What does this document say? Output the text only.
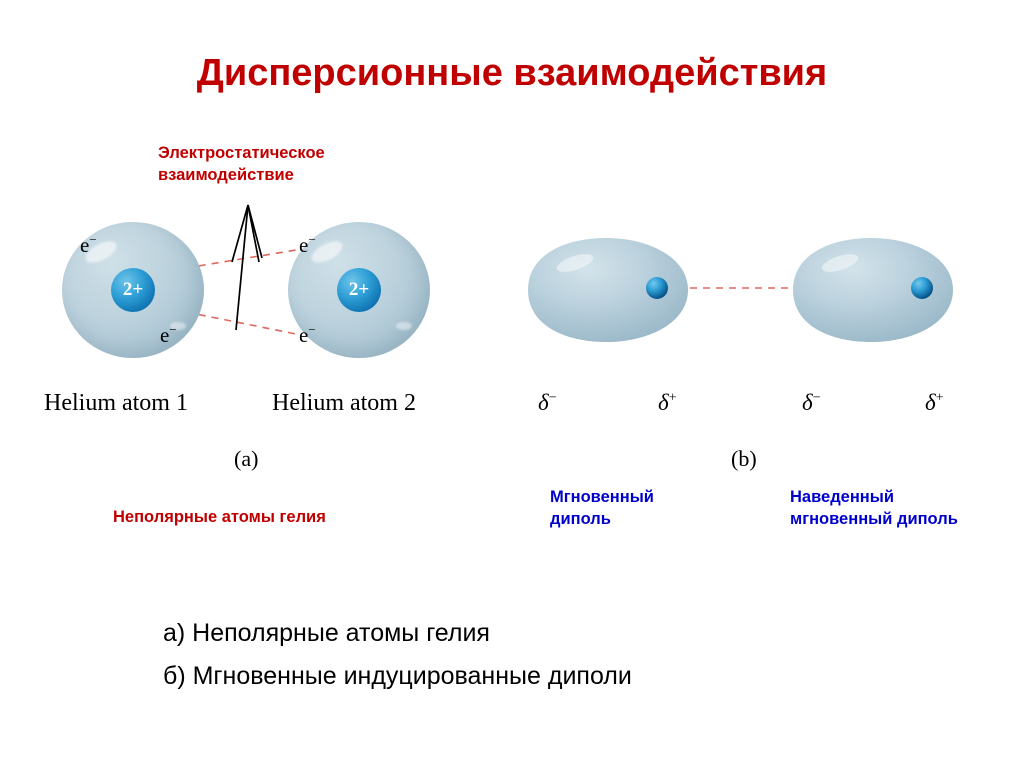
Дисперсионные взаимодействия
Электростатическое
взаимодействие
2+
e−
e−
2+
e−
e−
Helium atom 1	Helium atom 2	δ−	δ+	δ−	δ+
(a)	(b)
Неполярные атомы гелия
Мгновенный
диполь
Наведенный
мгновенный диполь
а) Неполярные атомы гелия
б) Мгновенные индуцированные диполи
